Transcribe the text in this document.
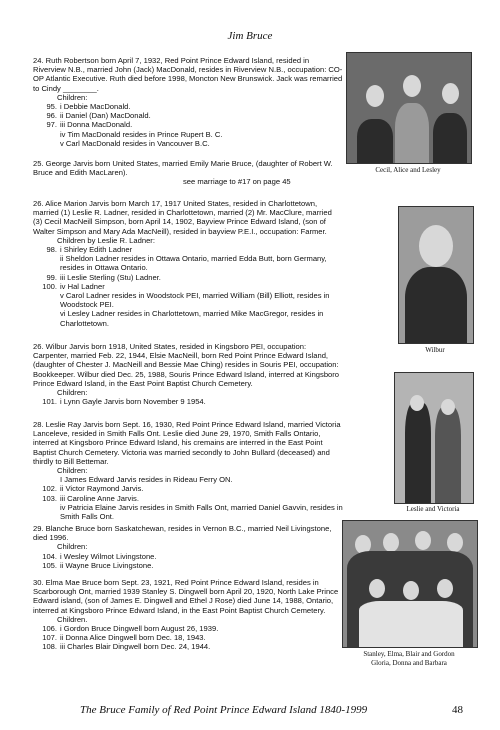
Jim Bruce

24. Ruth Robertson born April 7, 1932, Red Point Prince Edward Island, resided in Riverview N.B., married John (Jack) MacDonald, resides in Riverview N.B., occupation: CO-OP Atlantic Executive. Ruth died before 1998, Moncton New Brunswick. Jack was remarried to Cindy ________.

Children:

95. i Debbie MacDonald.
96. ii Daniel (Dan) MacDonald.
97. iii Donna MacDonald.
iv Tim MacDonald resides in Prince Rupert B. C.
v Carl MacDonald resides in Vancouver B.C.

25. George Jarvis born United States, married Emily Marie Bruce, (daughter of Robert W. Bruce and Edith MacLaren).

see marriage to #17 on page 45

26. Alice Marion Jarvis born March 17, 1917 United States, resided in Charlottetown, married (1) Leslie R. Ladner, resided in Charlottetown, married (2) Mr. MacClure, married (3) Cecil MacNeill Simpson, born April 14, 1902, Bayview Prince Edward Island, (son of Walter Simpson and Mary Ada MacNeill), resided in bayview P.E.I., occupation: Farmer.

Children by Leslie R. Ladner:

98. i Shirley Edith Ladner
ii Sheldon Ladner resides in Ottawa Ontario, married Edda Butt, born Germany, resides in Ottawa Ontario.
99. iii Leslie Sterling (Stu) Ladner.
100. iv Hal Ladner
v Carol Ladner resides in Woodstock PEI, married William (Bill) Elliott, resides in Woodstock PEI.
vi Lesley Ladner resides in Charlottetown, married Mike MacGregor, resides in Charlottetown.

26. Wilbur Jarvis born 1918, United States, resided in Kingsboro PEI, occupation: Carpenter, married Feb. 22, 1944, Elsie MacNeill, born Red Point Prince Edward Island, (daughter of Chester J. MacNeill and Bessie Mae Ching) resides in Souris PEI, occupation: Bookkeeper. Wilbur died Dec. 25, 1988, Souris Prince Edward Island, interred at Kingsboro Prince Edward Island, in the East Point Baptist Church Cemetery.

Children:

101. i Lynn Gayle Jarvis born November 9 1954.

28. Leslie Ray Jarvis born Sept. 16, 1930, Red Point Prince Edward Island, married Victoria Lanceleve, resided in Smith Falls Ont. Leslie died June 29, 1970, Smith Falls Ontario, interred at Kingsboro Prince Edward Island, his cremains are interred in the East Point Baptist Church Cemetery. Victoria was married secondly to John Bullard (deceased) and thirdly to Bill Bettemar.

Children:

I James Edward Jarvis resides in Rideau Ferry ON.
102. ii Victor Raymond Jarvis.
103. iii Caroline Anne Jarvis.
iv Patricia Elaine Jarvis resides in Smith Falls Ont, married Daniel Gavvin, resides in Smith Falls Ont.

29. Blanche Bruce born Saskatchewan, resides in Vernon B.C., married Neil Livingstone, died 1996.

Children:

104. i Wesley Wilmot Livingstone.
105. ii Wayne Bruce Livingstone.

30. Elma Mae Bruce born Sept. 23, 1921, Red Point Prince Edward Island, resides in Scarborough Ont, married 1939 Stanley S. Dingwell born April 20, 1920, North Lake Prince Edward island, (son of James E. Dingwell and Ethel J Rose) died June 14, 1988, Ontario, interred at Kingsboro Prince Edward Island, in the East Point Baptist Church Cemetery.

Children.

106. i Gordon Bruce Dingwell born August 26, 1939.
107. ii Donna Alice Dingwell born Dec. 18, 1943.
108. iii Charles Blair Dingwell born Dec. 24, 1944.
Cecil, Alice and Lesley
Wilbur
Leslie and Victoria
Stanley, Elma, Blair and Gordon
Gloria, Donna and Barbara
The Bruce Family of Red Point Prince Edward Island 1840-1999	48
